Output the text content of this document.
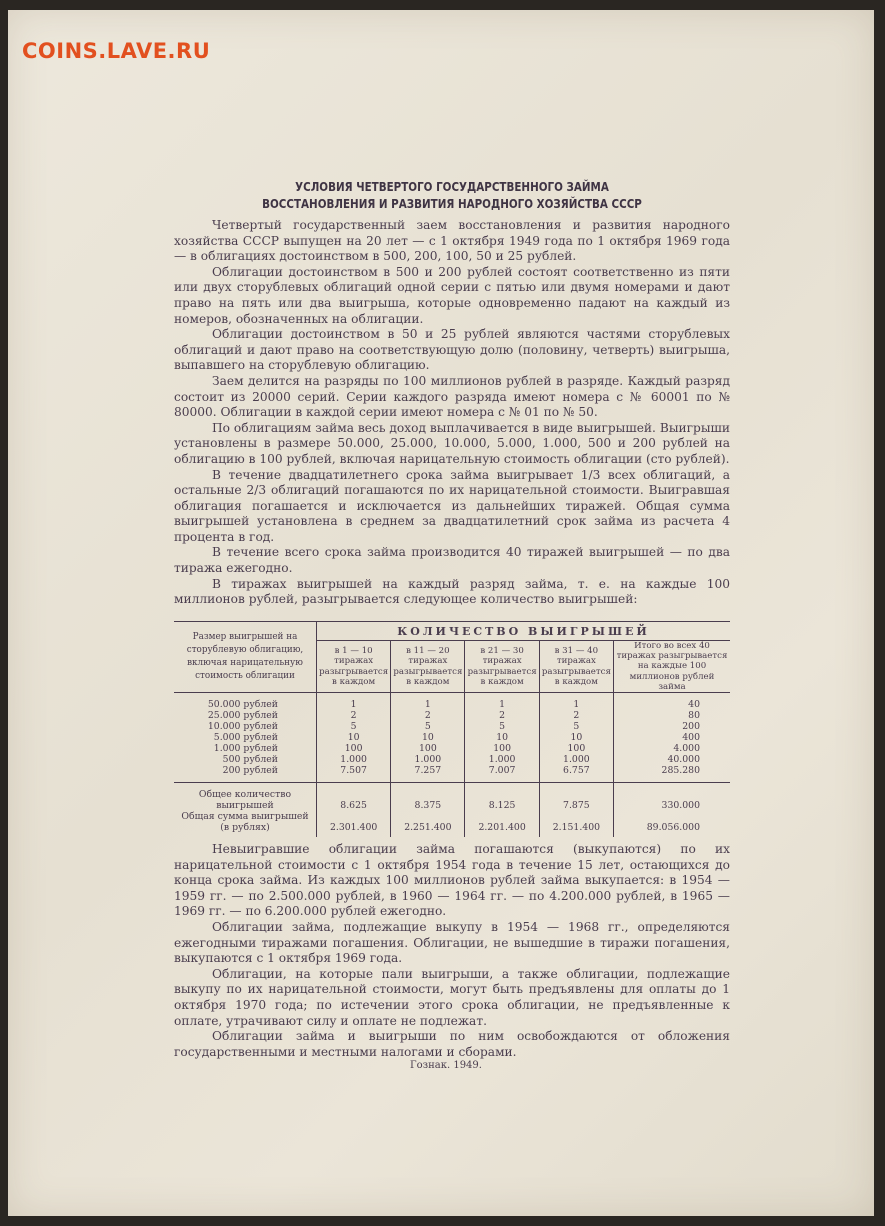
COINS.LAVE.RU
УСЛОВИЯ ЧЕТВЕРТОГО ГОСУДАРСТВЕННОГО ЗАЙМА
ВОССТАНОВЛЕНИЯ И РАЗВИТИЯ НАРОДНОГО ХОЗЯЙСТВА СССР

Четвертый государственный заем восстановления и развития народного хозяйства СССР выпущен на 20 лет — с 1 октября 1949 года по 1 октября 1969 года — в облигациях достоинством в 500, 200, 100, 50 и 25 рублей.

Облигации достоинством в 500 и 200 рублей состоят соответственно из пяти или двух сторублевых облигаций одной серии с пятью или двумя номерами и дают право на пять или два выигрыша, которые одновременно падают на каждый из номеров, обозначенных на облигации.

Облигации достоинством в 50 и 25 рублей являются частями сторублевых облигаций и дают право на соответствующую долю (половину, четверть) выигрыша, выпавшего на сторублевую облигацию.

Заем делится на разряды по 100 миллионов рублей в разряде. Каждый разряд состоит из 20000 серий. Серии каждого разряда имеют номера с № 60001 по № 80000. Облигации в каждой серии имеют номера с № 01 по № 50.

По облигациям займа весь доход выплачивается в виде выигрышей. Выигрыши установлены в размере 50.000, 25.000, 10.000, 5.000, 1.000, 500 и 200 рублей на облигацию в 100 рублей, включая нарицательную стоимость облигации (сто рублей).

В течение двадцатилетнего срока займа выигрывает 1/3 всех облигаций, а остальные 2/3 облигаций погашаются по их нарицательной стоимости. Выигравшая облигация погашается и исключается из дальнейших тиражей. Общая сумма выигрышей установлена в среднем за двадцатилетний срок займа из расчета 4 процента в год.

В течение всего срока займа производится 40 тиражей выигрышей — по два тиража ежегодно.

В тиражах выигрышей на каждый разряд займа, т. е. на каждые 100 миллионов рублей, разыгрывается следующее количество выигрышей:

Размер выигрышей на сторублевую облигацию, включая нарицательную стоимость облигации	КОЛИЧЕСТВО ВЫИГРЫШЕЙ				
	в 1 — 10 тиражах разыгрывается в каждом	в 11 — 20 тиражах разыгрывается в каждом	в 21 — 30 тиражах разыгрывается в каждом	в 31 — 40 тиражах разыгрывается в каждом	Итого во всех 40 тиражах разыгрывается на каждые 100 миллионов рублей займа
50.000 рублей	1	1	1	1	40
25.000 рублей	2	2	2	2	80
10.000 рублей	5	5	5	5	200
5.000 рублей	10	10	10	10	400
1.000 рублей	100	100	100	100	4.000
500 рублей	1.000	1.000	1.000	1.000	40.000
200 рублей	7.507	7.257	7.007	6.757	285.280
Общее количество выигрышей	8.625	8.375	8.125	7.875	330.000
Общая сумма выигрышей (в рублях)	2.301.400	2.251.400	2.201.400	2.151.400	89.056.000

Невыигравшие облигации займа погашаются (выкупаются) по их нарицательной стоимости с 1 октября 1954 года в течение 15 лет, остающихся до конца срока займа. Из каждых 100 миллионов рублей займа выкупается: в 1954 — 1959 гг. — по 2.500.000 рублей, в 1960 — 1964 гг. — по 4.200.000 рублей, в 1965 — 1969 гг. — по 6.200.000 рублей ежегодно.

Облигации займа, подлежащие выкупу в 1954 — 1968 гг., определяются ежегодными тиражами погашения. Облигации, не вышедшие в тиражи погашения, выкупаются с 1 октября 1969 года.

Облигации, на которые пали выигрыши, а также облигации, подлежащие выкупу по их нарицательной стоимости, могут быть предъявлены для оплаты до 1 октября 1970 года; по истечении этого срока облигации, не предъявленные к оплате, утрачивают силу и оплате не подлежат.

Облигации займа и выигрыши по ним освобождаются от обложения государственными и местными налогами и сборами.

Гознак. 1949.
